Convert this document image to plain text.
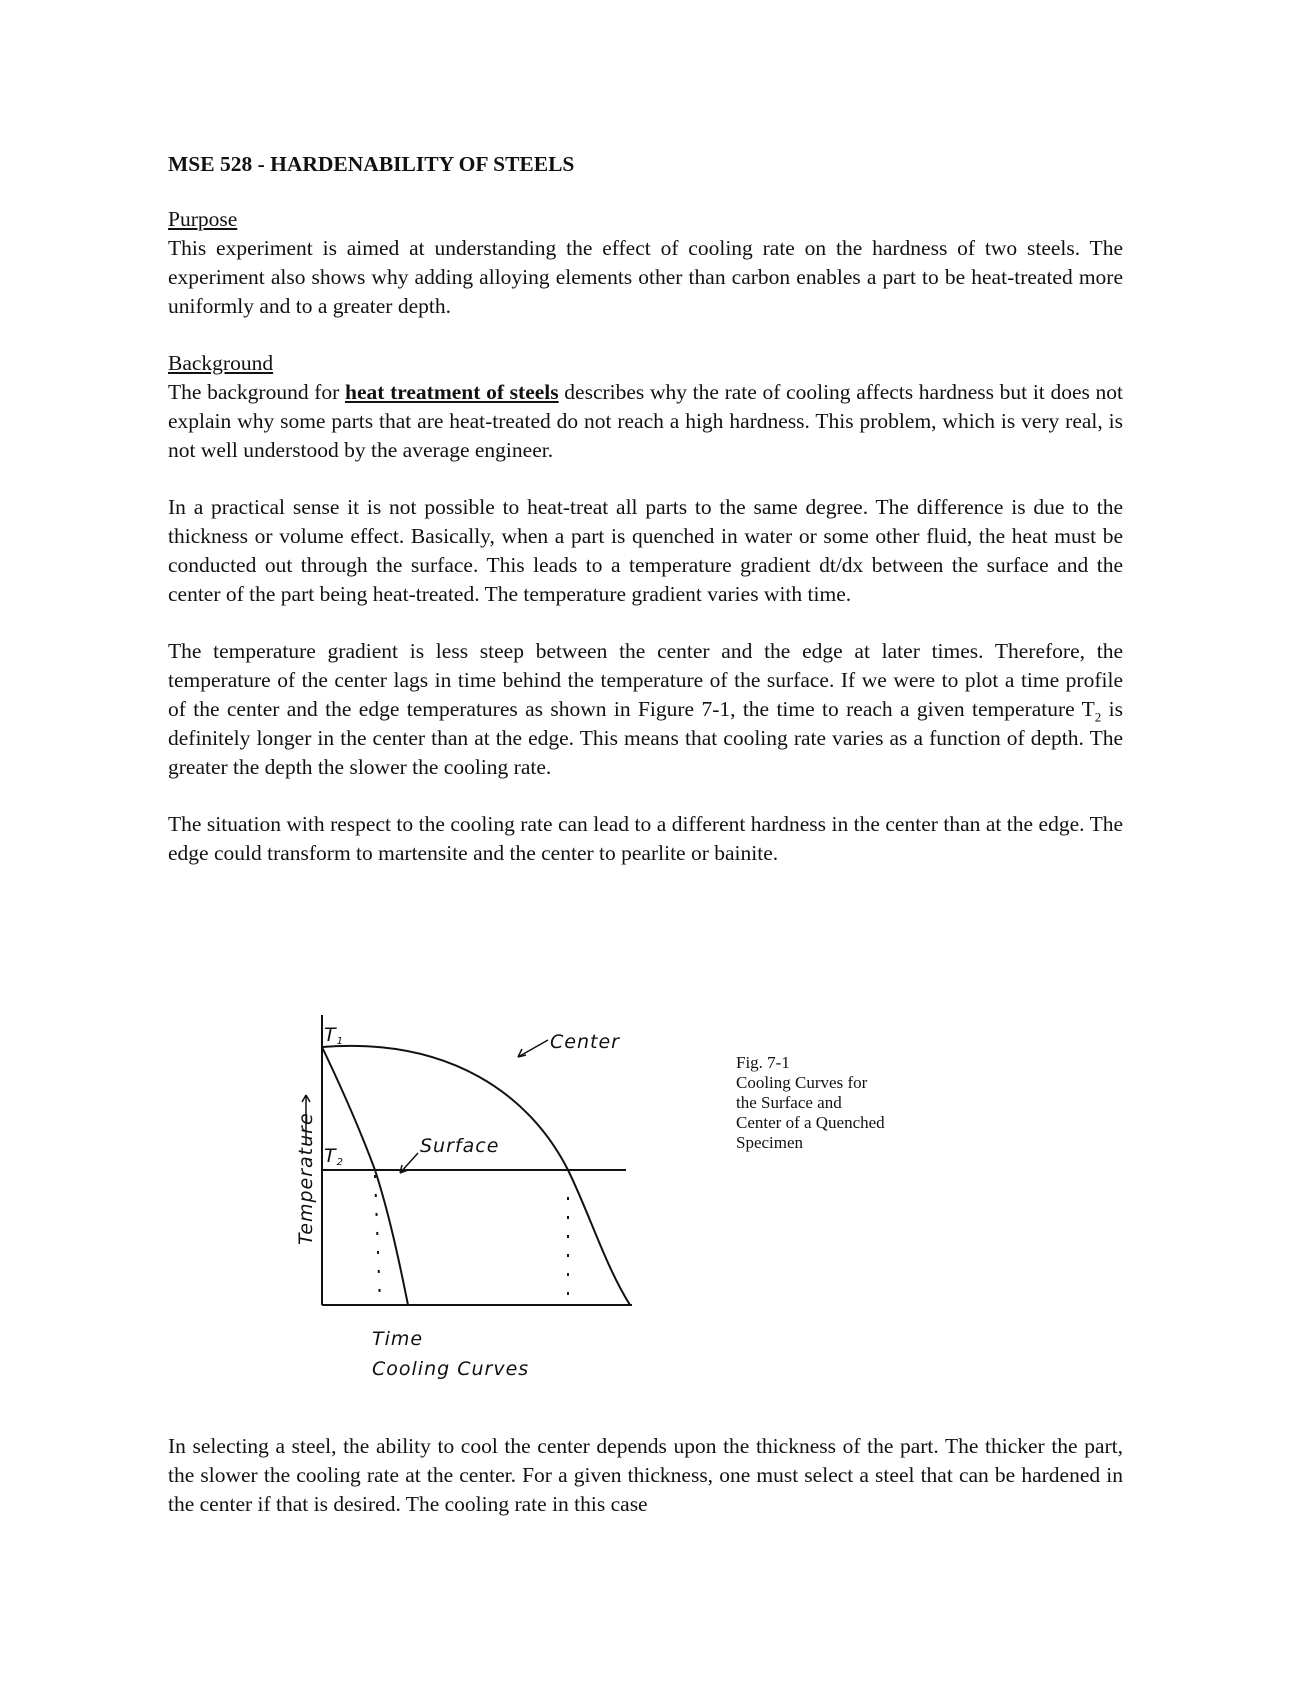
MSE 528 - HARDENABILITY OF STEELS
Purpose

This experiment is aimed at understanding the effect of cooling rate on the hardness of two steels. The experiment also shows why adding alloying elements other than carbon enables a part to be heat-treated more uniformly and to a greater depth.

Background

The background for heat treatment of steels describes why the rate of cooling affects hardness but it does not explain why some parts that are heat-treated do not reach a high hardness. This problem, which is very real, is not well understood by the average engineer.

In a practical sense it is not possible to heat-treat all parts to the same degree. The difference is due to the thickness or volume effect. Basically, when a part is quenched in water or some other fluid, the heat must be conducted out through the surface. This leads to a temperature gradient dt/dx between the surface and the center of the part being heat-treated. The temperature gradient varies with time.

The temperature gradient is less steep between the center and the edge at later times. Therefore, the temperature of the center lags in time behind the temperature of the surface. If we were to plot a time profile of the center and the edge temperatures as shown in Figure 7-1, the time to reach a given temperature $T_2$ is definitely longer in the center than at the edge. This means that cooling rate varies as a function of depth. The greater the depth the slower the cooling rate.

The situation with respect to the cooling rate can lead to a different hardness in the center than at the edge. The edge could transform to martensite and the center to pearlite or bainite.

T1
T2
Center
Surface
Temperature
Time
Cooling Curves
Fig. 7-1
Cooling Curves for
the Surface and
Center of a Quenched
Specimen

In selecting a steel, the ability to cool the center depends upon the thickness of the part. The thicker the part, the slower the cooling rate at the center. For a given thickness, one must select a steel that can be hardened in the center if that is desired. The cooling rate in this case
